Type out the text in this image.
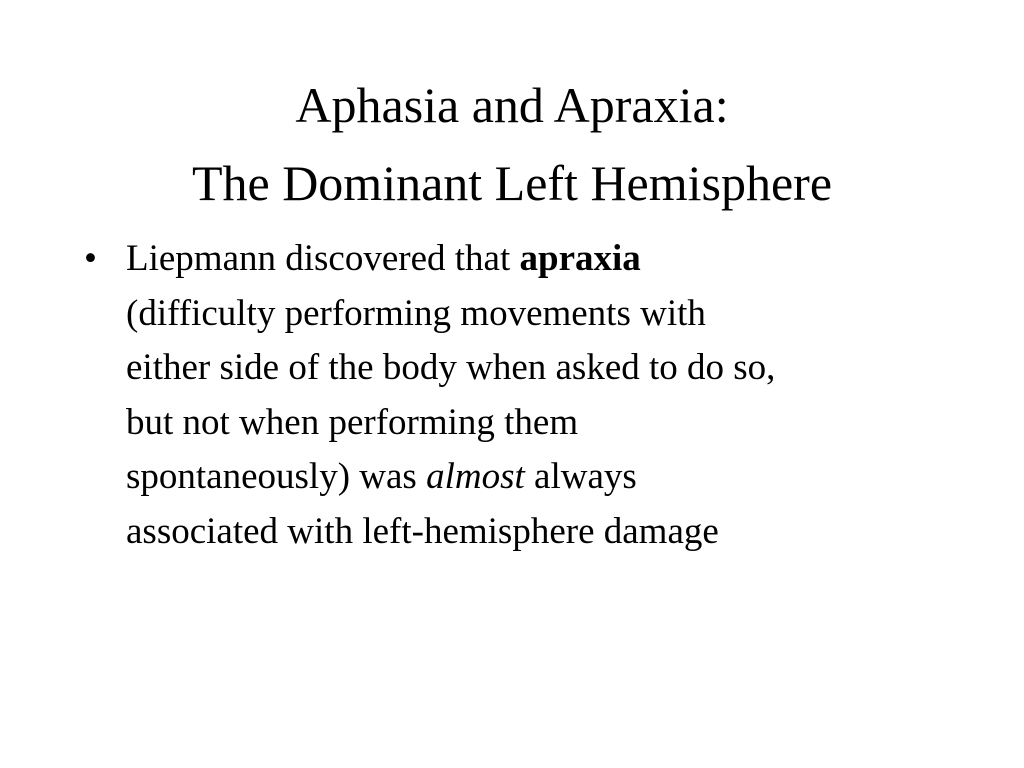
Aphasia and Apraxia:
The Dominant Left Hemisphere
• Liepmann discovered that apraxia
(difficulty performing movements with
either side of the body when asked to do so,
but not when performing them
spontaneously) was almost always
associated with left-hemisphere damage
